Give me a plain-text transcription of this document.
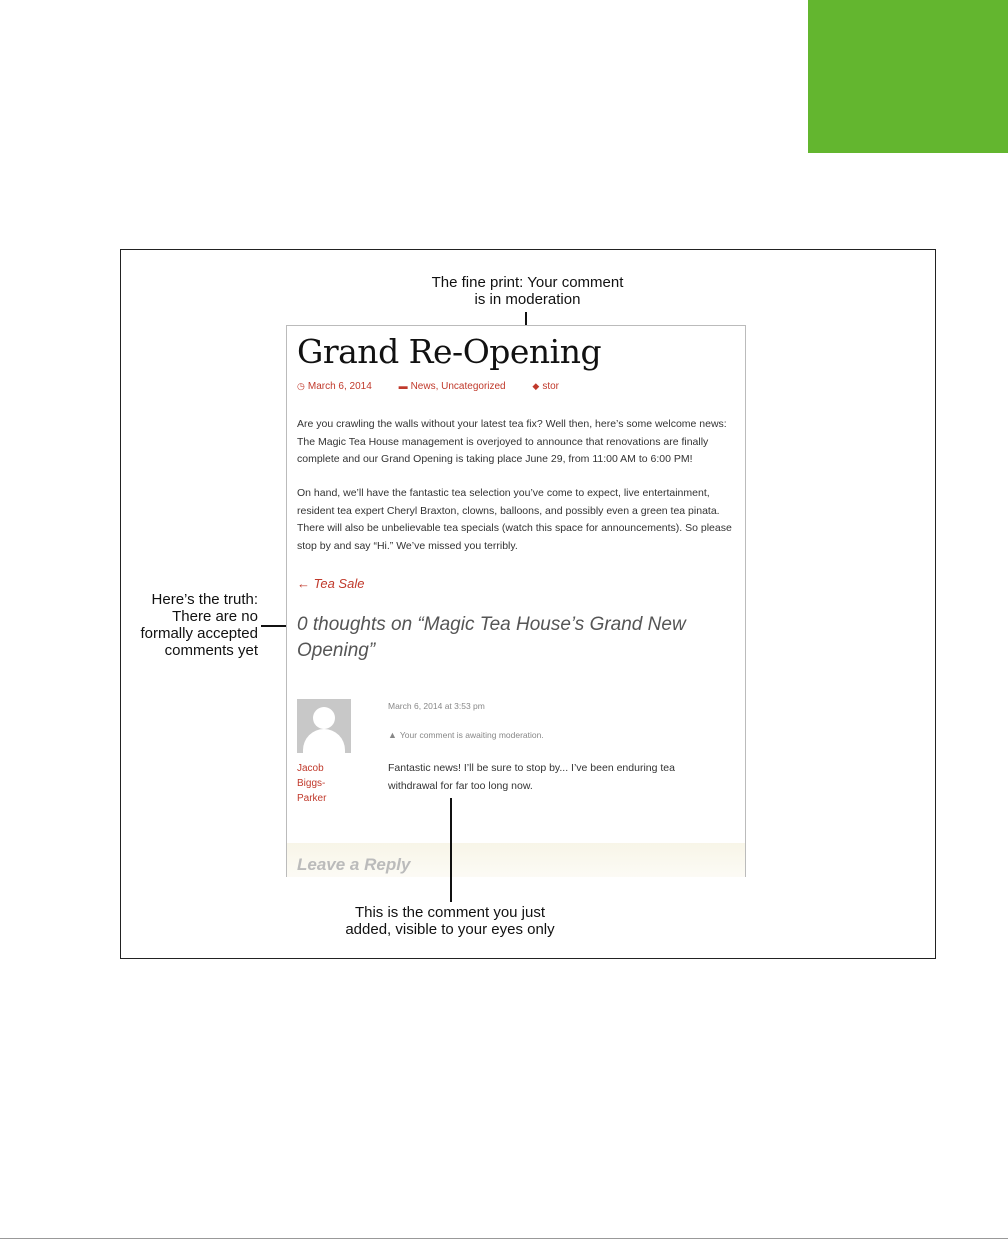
The fine print: Your comment
is in moderation
Here’s the truth:
There are no
formally accepted
comments yet
This is the comment you just
added, visible to your eyes only
Grand Re-Opening
◷ March 6, 2014	▬ News, Uncategorized	◆ stor

Are you crawling the walls without your latest tea fix? Well then, here’s some welcome news: The Magic Tea House management is overjoyed to announce that renovations are finally complete and our Grand Opening is taking place June 29, from 11:00 AM to 6:00 PM!

On hand, we’ll have the fantastic tea selection you’ve come to expect, live entertainment, resident tea expert Cheryl Braxton, clowns, balloons, and possibly even a green tea pinata. There will also be unbelievable tea specials (watch this space for announcements). So please stop by and say “Hi.” We’ve missed you terribly.

← Tea Sale
0 thoughts on “Magic Tea House’s Grand New Opening”
Jacob
Biggs-
Parker
March 6, 2014 at 3:53 pm
▲ Your comment is awaiting moderation.

Fantastic news! I’ll be sure to stop by... I’ve been enduring tea withdrawal for far too long now.

Leave a Reply
